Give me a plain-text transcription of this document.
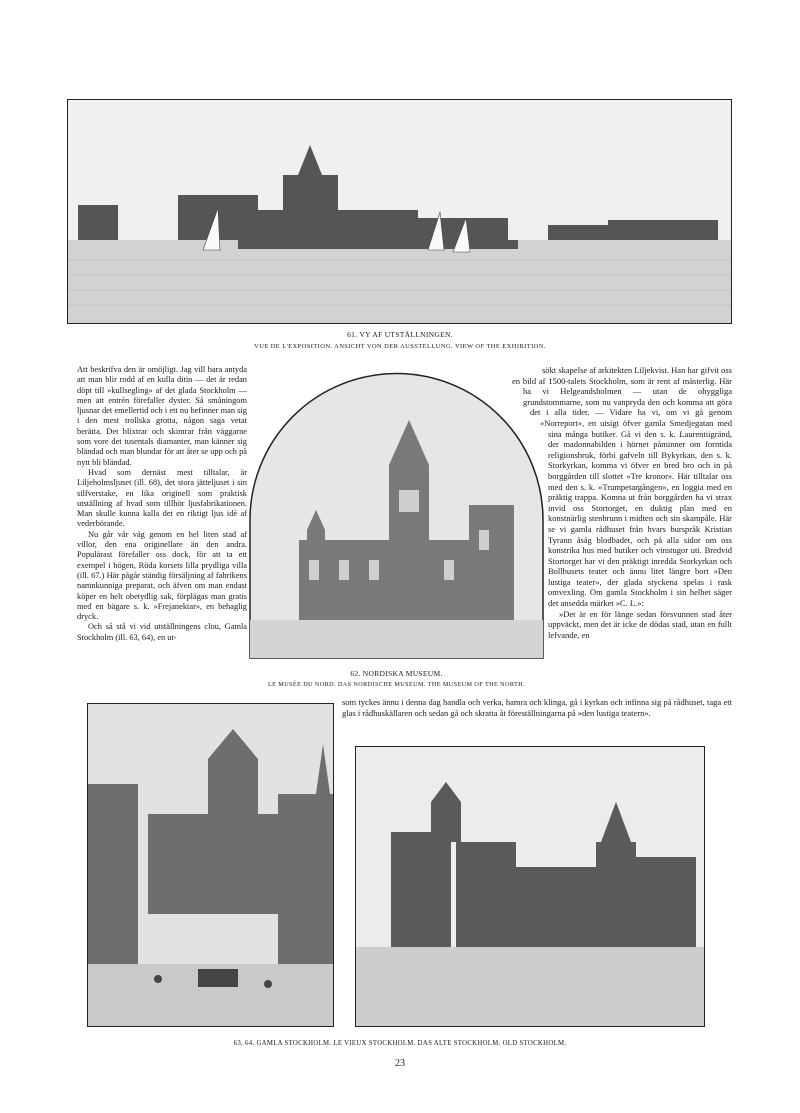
61. VY AF UTSTÄLLNINGEN.
VUE DE L'EXPOSITION. ANSICHT VON DER AUSSTELLUNG. VIEW OF THE EXHIBITION.

Att beskrifva den är omöjligt. Jag vill bara antyda att man blir rodd af en kulla ditin — det är redan döpt till »kullsegling» af det glada Stockholm — men att entrén förefaller dyster. Så småningom ljusnar det emellertid och i ett nu befinner man sig i den mest trollska grotta, någon saga vetat berätta. Det blixtrar och skimrar från väggarne som vore det tusentals diamanter, man känner sig bländad och man blundar för att åter se upp och på nytt bli bländad.

Hvad som dernäst mest tilltalar, är Liljeholmsljuset (ill. 68), det stora jätteljuset i sin silfverstake, en lika originell som praktisk utställning af hvad som tillhör ljusfabrikationen. Man skulle kunna kalla det en riktigt ljus idé af vederbörande.

Nu går vår väg genom en hel liten stad af villor, den ena originellare än den andra. Populärast förefaller oss dock, för att ta ett exempel i högen, Röda korsets lilla prydliga villa (ill. 67.) Här pågår ständig försäljning af fabrikens namnkunniga preparat, och äfven om man endast köper en helt obetydlig sak, förplägas man gratis med en bägare s. k. »Frejanektar», en behaglig dryck.

Och så stå vi vid utställningens clou, Gamla Stockholm (ill. 63, 64), en ut-

sökt skapelse af arkitekten Liljekvist. Han har gifvit oss en bild af 1500-talets Stockholm, som är rent af mästerlig. Här ha vi Helgeandsholmen — utan de ohyggliga grundstommarne, som nu vanpryda den och komma att göra det i alla tider. — Vidare ha vi, om vi gå genom »Norreport», en utsigt öfver gamla Smedjegatan med sina många butiker. Gå vi den s. k. Laurentiigränd, der madonnabilden i hörnet påminner om forntida religionsbruk, förbi gafveln till Bykyrkan, den s. k. Storkyrkan, komma vi öfver en bred bro och in på borggården till slottet »Tre kronor». Här tilltalar oss med den s. k. »Trumpetargången», en loggia med en präktig trappa. Komna ut från borggården ha vi strax invid oss Stortorget, en duktig plan med en konstnärlig stenbrunn i midten och sin skampåle. Här se vi gamla rådhuset från hvars burspråk Kristian Tyrann åsåg blodbadet, och på alla sidor om oss konstrika hus med butiker och vinstugor uti. Bredvid Stortorget har vi den präktigt inredda Storkyrkan och Bollhusets teater och ännu litet längre bort »Den lustiga teater», der glada styckena spelas i rask omvexling. Om gamla Stockholm i sin helhet säger det ansedda märket »C. L.»:

»Det är en för länge sedan försvunnen stad åter uppväckt, men det är icke de dödas stad, utan en fullt lefvande, en

62. NORDISKA MUSEUM.
LE MUSÉE DU NORD. DAS NORDISCHE MUSEUM. THE MUSEUM OF THE NORTH.
som tyckes ännu i denna dag handla och verka, hamra och klinga, gå i kyrkan och infinna sig på rådhuset, taga ett glas i rådhuskällaren och sedan gå och skratta åt föreställningarna på »den lustiga teatern».
63, 64. GAMLA STOCKHOLM. LE VIEUX STOCKHOLM. DAS ALTE STOCKHOLM. OLD STOCKHOLM.
23
